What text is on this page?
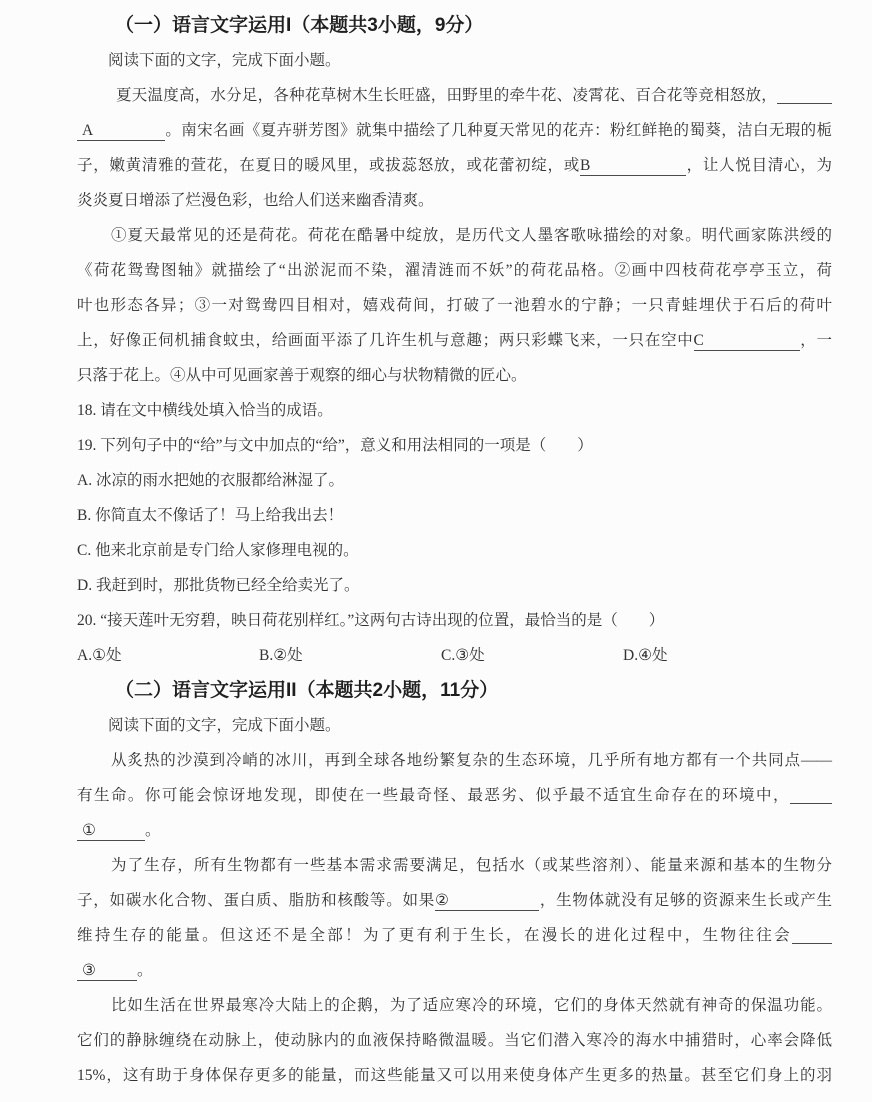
（一）语言文字运用I（本题共3小题，9分）
阅读下面的文字，完成下面小题。
夏天温度高，水分足，各种花草树木生长旺盛，田野里的牵牛花、凌霄花、百合花等竞相怒放，
A	。南宋名画《夏卉骈芳图》就集中描绘了几种夏天常见的花卉：粉红鲜艳的蜀葵，洁白无瑕的栀
子，嫩黄清雅的萱花，在夏日的暖风里，或拔蕊怒放，或花蕾初绽，或B	，让人悦目清心，为
炎炎夏日增添了烂漫色彩，也给人们送来幽香清爽。
①夏天最常见的还是荷花。荷花在酷暑中绽放，是历代文人墨客歌咏描绘的对象。明代画家陈洪绶的
《荷花鸳鸯图轴》就描绘了“出淤泥而不染，濯清涟而不妖”的荷花品格。②画中四枝荷花亭亭玉立，荷
叶也形态各异；③一对鸳鸯四目相对，嬉戏荷间，打破了一池碧水的宁静；一只青蛙埋伏于石后的荷叶
上，好像正伺机捕食蚊虫，给画面平添了几许生机与意趣；两只彩蝶飞来，一只在空中C	，一
只落于花上。④从中可见画家善于观察的细心与状物精微的匠心。
18. 请在文中横线处填入恰当的成语。
19. 下列句子中的“给”与文中加点的“给”，意义和用法相同的一项是（　　）
A. 冰凉的雨水把她的衣服都给淋湿了。
B. 你简直太不像话了！马上给我出去！
C. 他来北京前是专门给人家修理电视的。
D. 我赶到时，那批货物已经全给卖光了。
20. “接天莲叶无穷碧，映日荷花别样红。”这两句古诗出现的位置，最恰当的是（　　）
A.①处	B.②处	C.③处	D.④处
（二）语言文字运用II（本题共2小题，11分）
阅读下面的文字，完成下面小题。
从炙热的沙漠到冷峭的冰川，再到全球各地纷繁复杂的生态环境，几乎所有地方都有一个共同点——
有生命。你可能会惊讶地发现，即使在一些最奇怪、最恶劣、似乎最不适宜生命存在的环境中，
①	。
为了生存，所有生物都有一些基本需求需要满足，包括水（或某些溶剂）、能量来源和基本的生物分
子，如碳水化合物、蛋白质、脂肪和核酸等。如果②	，生物体就没有足够的资源来生长或产生
维持生存的能量。但这还不是全部！为了更有利于生长，在漫长的进化过程中，生物往往会
③	。
比如生活在世界最寒冷大陆上的企鹅，为了适应寒冷的环境，它们的身体天然就有神奇的保温功能。
它们的静脉缠绕在动脉上，使动脉内的血液保持略微温暖。当它们潜入寒冷的海水中捕猎时，心率会降低
15%，这有助于身体保存更多的能量，而这些能量又可以用来使身体产生更多的热量。甚至它们身上的羽
